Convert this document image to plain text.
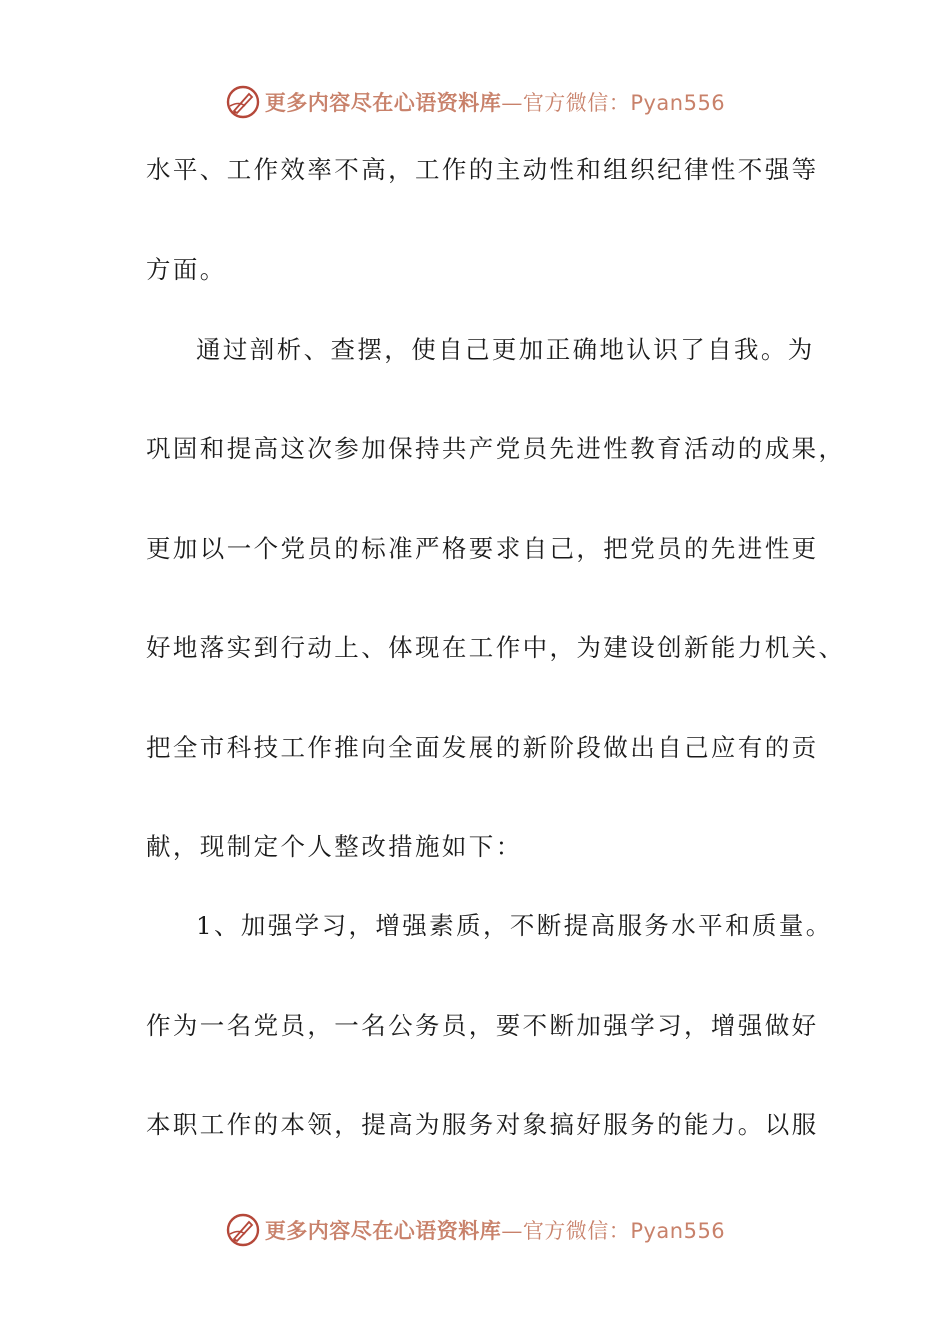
更多内容尽在心语资料库—官方微信：Pyan556
水平、工作效率不高，工作的主动性和组织纪律性不强等
方面。
通过剖析、查摆，使自己更加正确地认识了自我。为
巩固和提高这次参加保持共产党员先进性教育活动的成果，
更加以一个党员的标准严格要求自己，把党员的先进性更
好地落实到行动上、体现在工作中，为建设创新能力机关、
把全市科技工作推向全面发展的新阶段做出自己应有的贡
献，现制定个人整改措施如下：
1、加强学习，增强素质，不断提高服务水平和质量。
作为一名党员，一名公务员，要不断加强学习，增强做好
本职工作的本领，提高为服务对象搞好服务的能力。以服
更多内容尽在心语资料库—官方微信：Pyan556
